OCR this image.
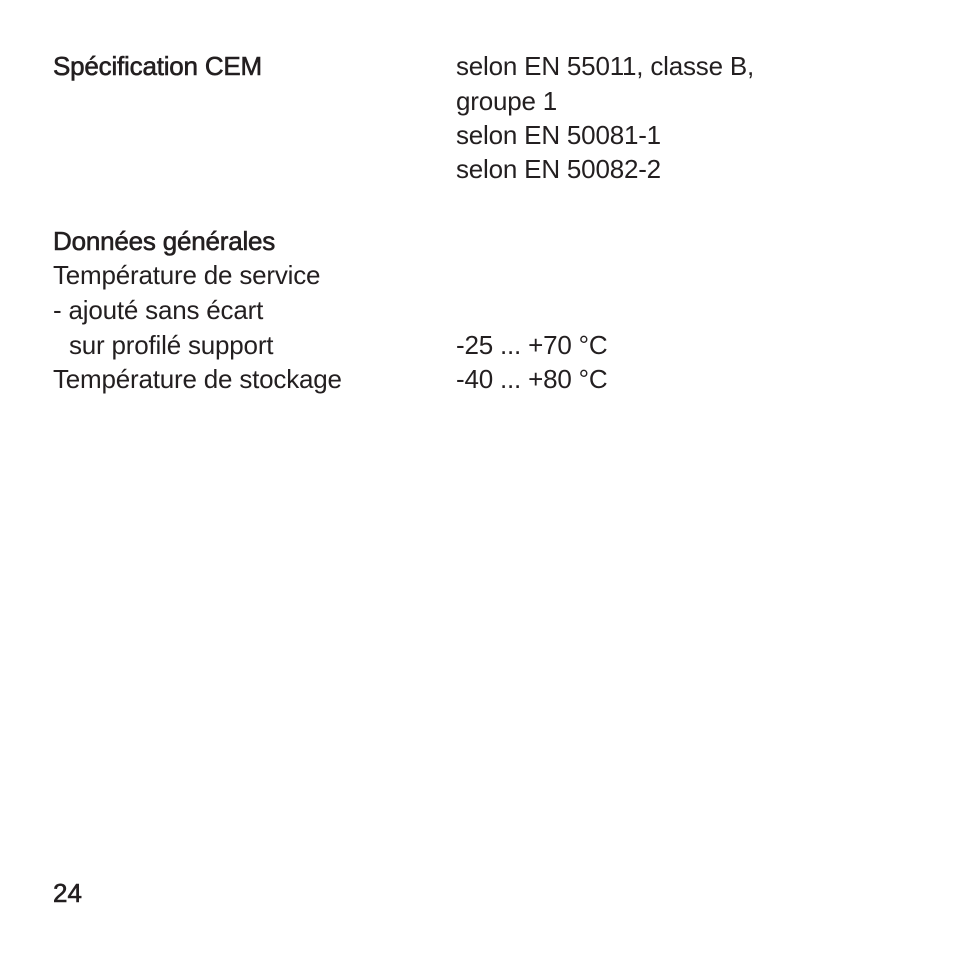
Spécification CEM	selon EN 55011, classe B,
groupe 1
selon EN 50081-1
selon EN 50082-2
Données générales
Température de service
- ajouté sans écart
sur profilé support	-25 ... +70 °C
Température de stockage	-40 ... +80 °C
24
